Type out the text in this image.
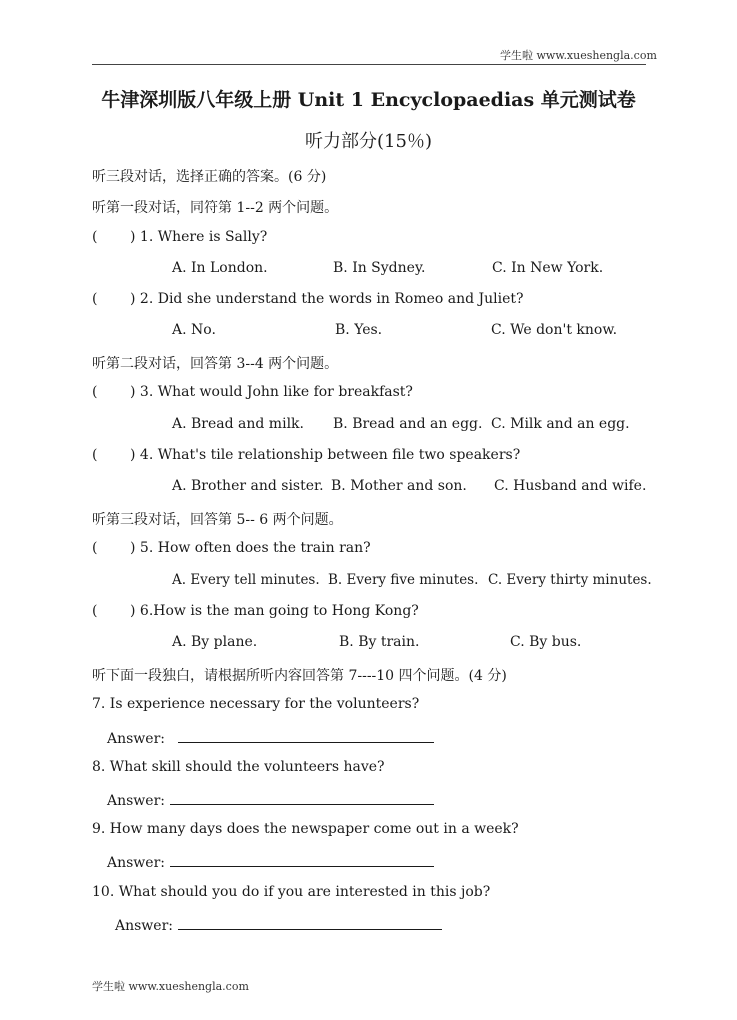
学生啦 www.xueshengla.com
牛津深圳版八年级上册 Unit 1 Encyclopaedias 单元测试卷
听力部分(15％)
听三段对话，选择正确的答案。(6 分)
听第一段对话，同符第 1--2 两个问题。
( ) 1. Where is Sally?
A. In London.	B. In Sydney.	C. In New York.
( ) 2. Did she understand the words in Romeo and Juliet?
A. No.	B. Yes.	C. We don't know.
听第二段对话，回答第 3--4 两个问题。
( ) 3. What would John like for breakfast?
A. Bread and milk. B. Bread and an egg. C. Milk and an egg.
( ) 4. What's tile relationship between file two speakers?
A. Brother and sister. B. Mother and son. C. Husband and wife.
听第三段对话，回答第 5-- 6 两个问题。
( ) 5. How often does the train ran?
A. Every tell minutes. B. Every five minutes. C. Every thirty minutes.
( ) 6.How is the man going to Hong Kong?
A. By plane.	B. By train.	C. By bus.
听下面一段独白，请根据所听内容回答第 7----10 四个问题。(4 分)
7. Is experience necessary for the volunteers?
Answer:
8. What skill should the volunteers have?
Answer:
9. How many days does the newspaper come out in a week?
Answer:
10. What should you do if you are interested in this job?
Answer:
学生啦 www.xueshengla.com
